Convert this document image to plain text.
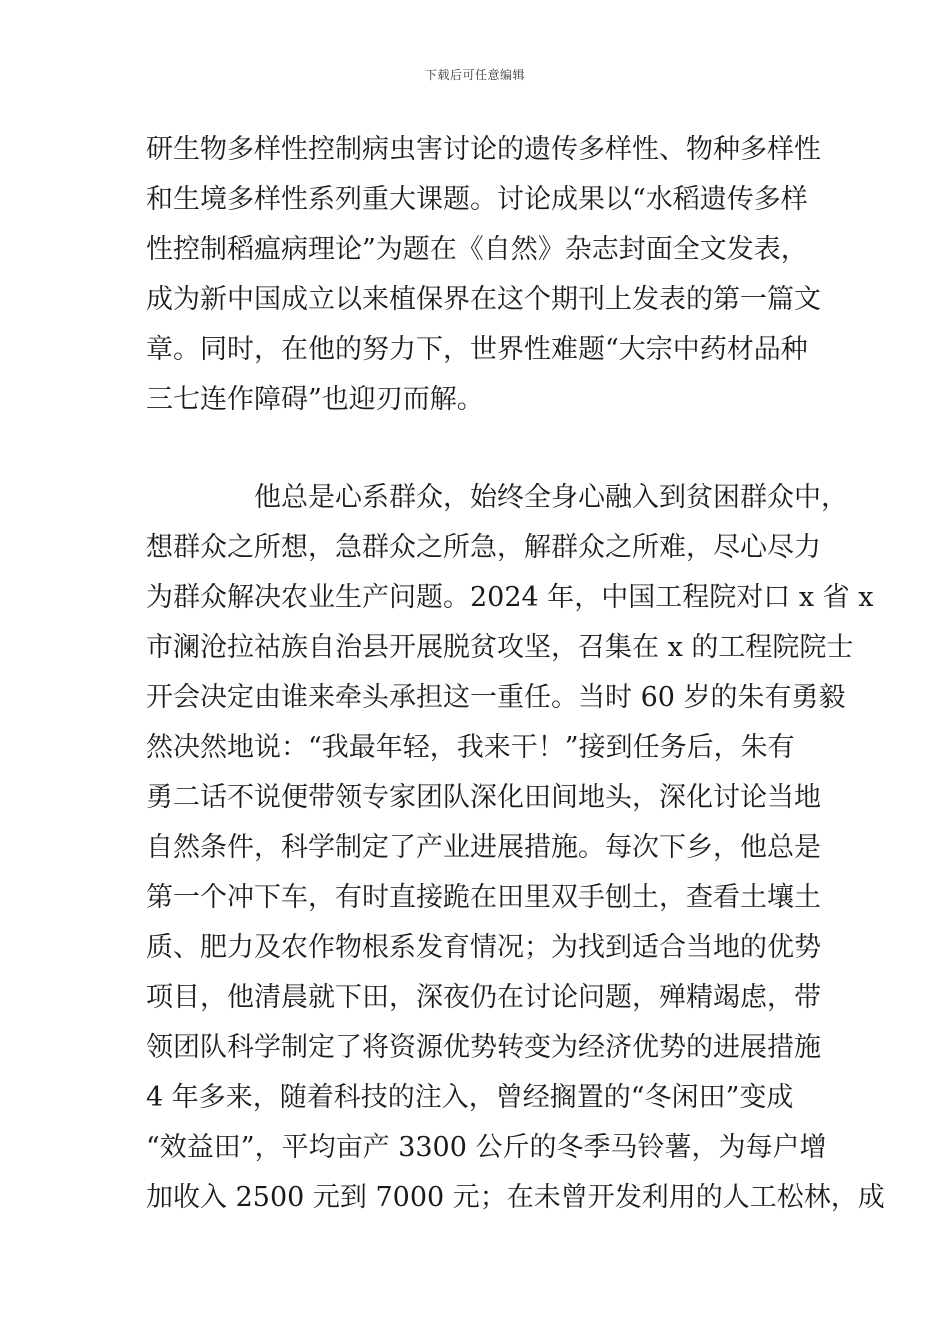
下载后可任意编辑
研生物多样性控制病虫害讨论的遗传多样性、物种多样性
和生境多样性系列重大课题。讨论成果以“水稻遗传多样
性控制稻瘟病理论”为题在《自然》杂志封面全文发表，
成为新中国成立以来植保界在这个期刊上发表的第一篇文
章。同时，在他的努力下，世界性难题“大宗中药材品种
三七连作障碍”也迎刃而解。
他总是心系群众，始终全身心融入到贫困群众中，
想群众之所想，急群众之所急，解群众之所难，尽心尽力
为群众解决农业生产问题。2024 年，中国工程院对口 x 省 x
市澜沧拉祜族自治县开展脱贫攻坚，召集在 x 的工程院院士
开会决定由谁来牵头承担这一重任。当时 60 岁的朱有勇毅
然决然地说：“我最年轻，我来干！”接到任务后，朱有
勇二话不说便带领专家团队深化田间地头，深化讨论当地
自然条件，科学制定了产业进展措施。每次下乡，他总是
第一个冲下车，有时直接跪在田里双手刨土，查看土壤土
质、肥力及农作物根系发育情况；为找到适合当地的优势
项目，他清晨就下田，深夜仍在讨论问题，殚精竭虑，带
领团队科学制定了将资源优势转变为经济优势的进展措施
4 年多来，随着科技的注入，曾经搁置的“冬闲田”变成
“效益田”，平均亩产 3300 公斤的冬季马铃薯，为每户增
加收入 2500 元到 7000 元；在未曾开发利用的人工松林，成
